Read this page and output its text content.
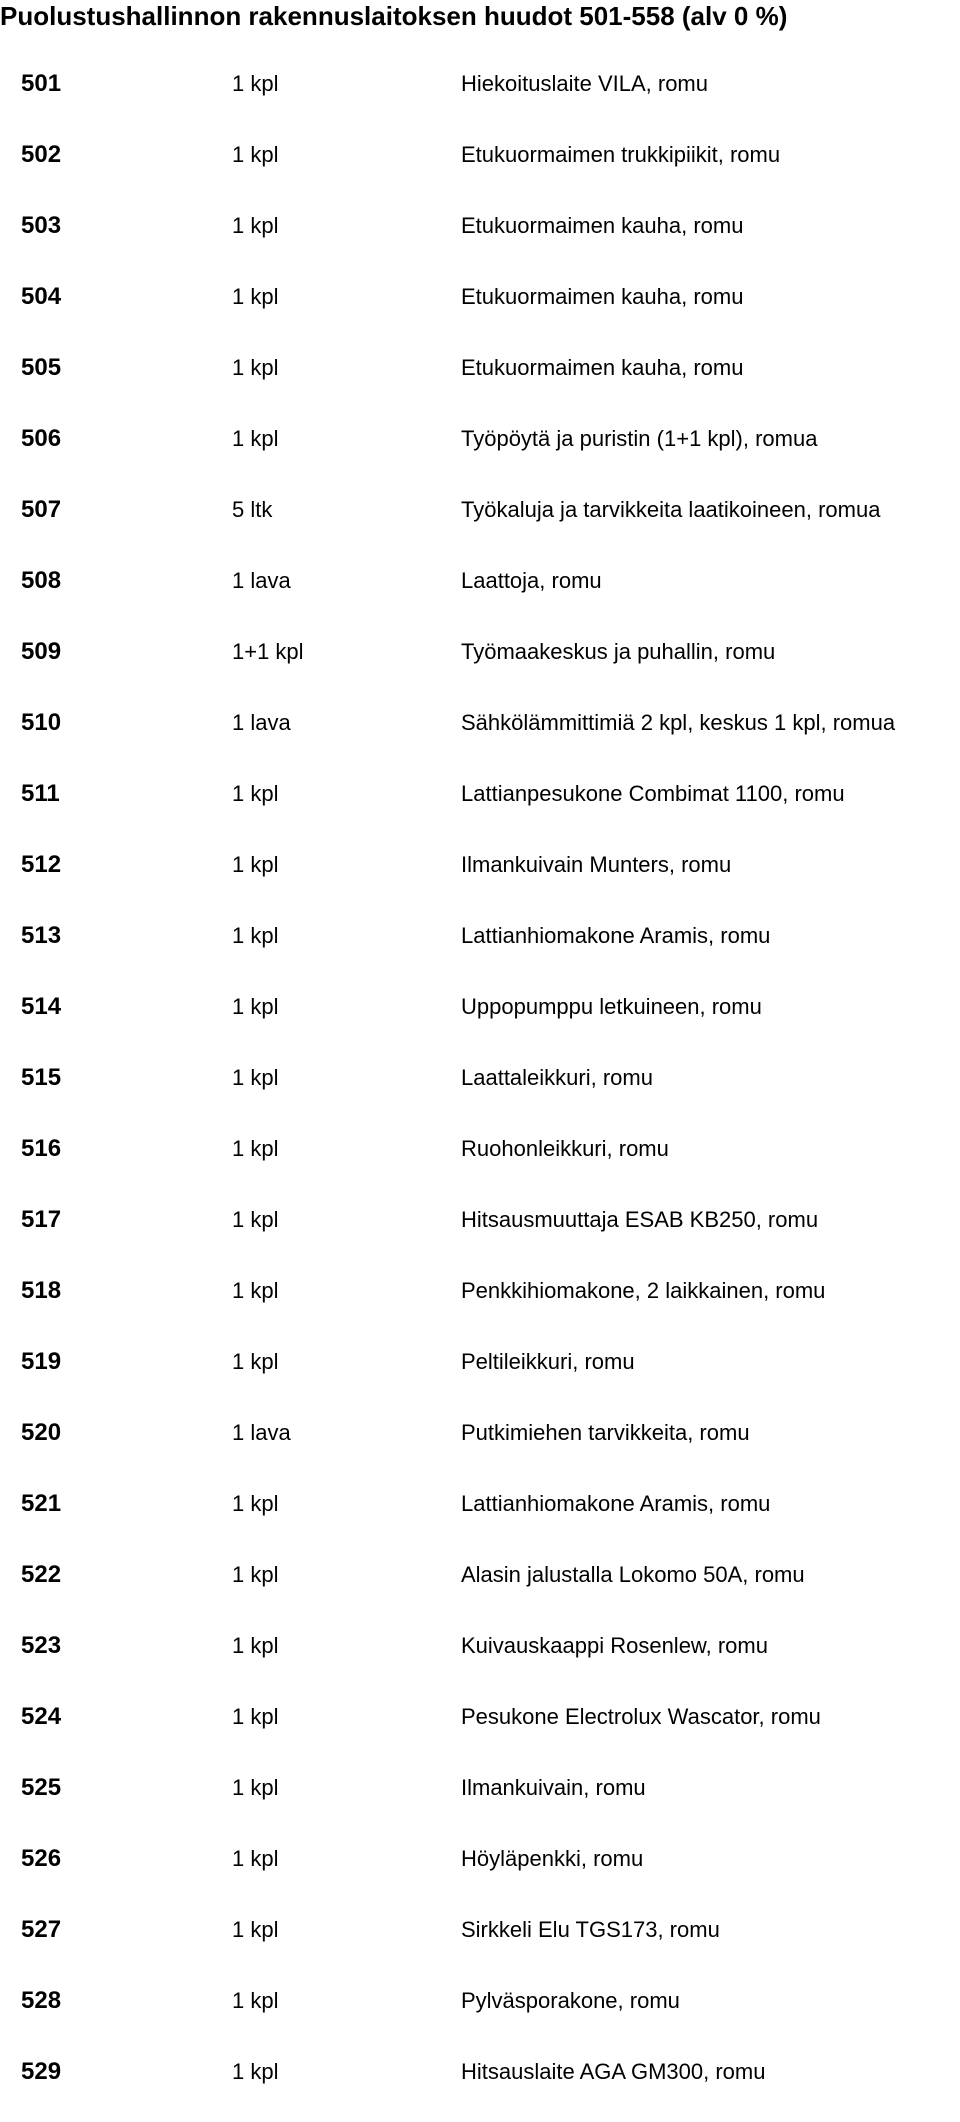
Puolustushallinnon rakennuslaitoksen huudot 501-558 (alv 0 %)
501	1 kpl	Hiekoituslaite VILA, romu
502	1 kpl	Etukuormaimen trukkipiikit, romu
503	1 kpl	Etukuormaimen kauha, romu
504	1 kpl	Etukuormaimen kauha, romu
505	1 kpl	Etukuormaimen kauha, romu
506	1 kpl	Työpöytä ja puristin (1+1 kpl), romua
507	5 ltk	Työkaluja ja tarvikkeita laatikoineen, romua
508	1 lava	Laattoja, romu
509	1+1 kpl	Työmaakeskus ja puhallin, romu
510	1 lava	Sähkölämmittimiä 2 kpl, keskus 1 kpl, romua
511	1 kpl	Lattianpesukone Combimat 1100, romu
512	1 kpl	Ilmankuivain Munters, romu
513	1 kpl	Lattianhiomakone Aramis, romu
514	1 kpl	Uppopumppu letkuineen, romu
515	1 kpl	Laattaleikkuri, romu
516	1 kpl	Ruohonleikkuri, romu
517	1 kpl	Hitsausmuuttaja ESAB KB250, romu
518	1 kpl	Penkkihiomakone, 2 laikkainen, romu
519	1 kpl	Peltileikkuri, romu
520	1 lava	Putkimiehen tarvikkeita, romu
521	1 kpl	Lattianhiomakone Aramis, romu
522	1 kpl	Alasin jalustalla Lokomo 50A, romu
523	1 kpl	Kuivauskaappi Rosenlew, romu
524	1 kpl	Pesukone Electrolux Wascator, romu
525	1 kpl	Ilmankuivain, romu
526	1 kpl	Höyläpenkki, romu
527	1 kpl	Sirkkeli Elu TGS173, romu
528	1 kpl	Pylväsporakone, romu
529	1 kpl	Hitsauslaite AGA GM300, romu
